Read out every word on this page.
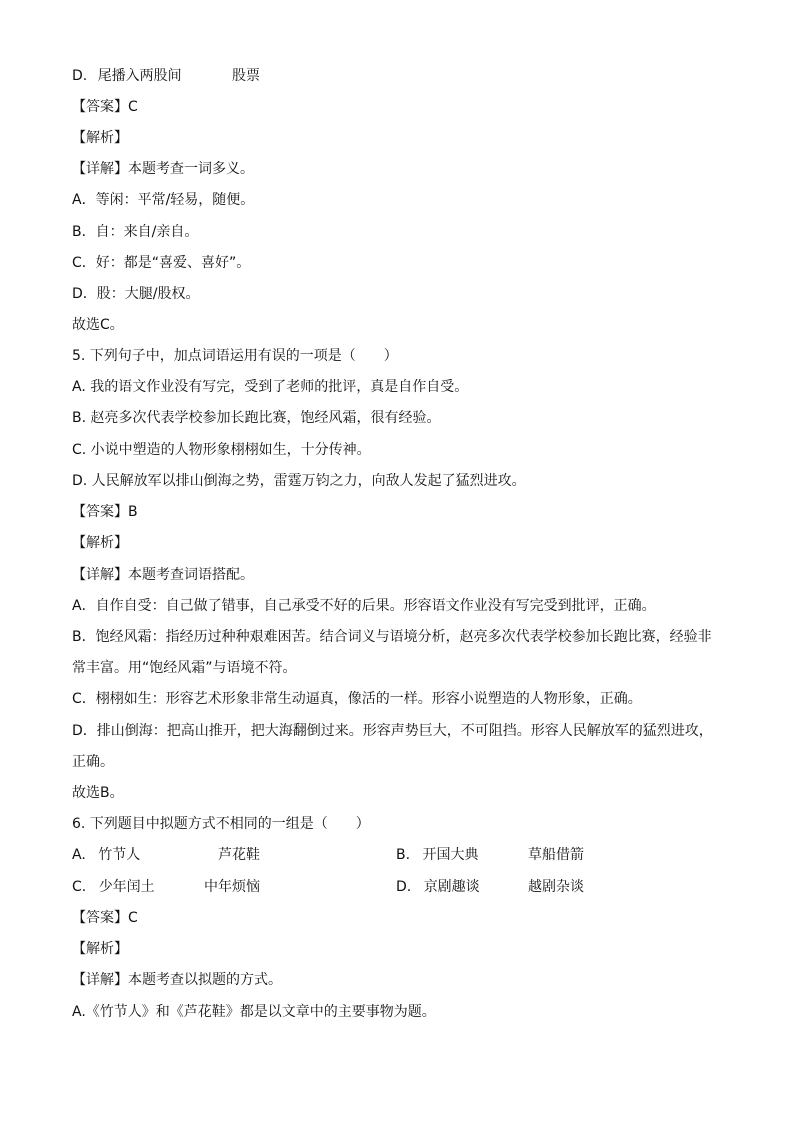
D. 尾播入两股间	股票
【答案】C
【解析】
【详解】本题考查一词多义。
A．等闲：平常/轻易，随便。
B．自：来自/亲自。
C．好：都是“喜爱、喜好”。
D．股：大腿/股权。
故选C。
5. 下列句子中，加点词语运用有误的一项是（　　）
A. 我的语文作业没有写完，受到了老师的批评，真是自作自受。
B. 赵亮多次代表学校参加长跑比赛，饱经风霜，很有经验。
C. 小说中塑造的人物形象栩栩如生，十分传神。
D. 人民解放军以排山倒海之势，雷霆万钧之力，向敌人发起了猛烈进攻。
【答案】B
【解析】
【详解】本题考查词语搭配。
A．自作自受：自己做了错事，自己承受不好的后果。形容语文作业没有写完受到批评，正确。
B．饱经风霜：指经历过种种艰难困苦。结合词义与语境分析，赵亮多次代表学校参加长跑比赛，经验非
常丰富。用“饱经风霜”与语境不符。
C．栩栩如生：形容艺术形象非常生动逼真，像活的一样。形容小说塑造的人物形象，正确。
D．排山倒海：把高山推开，把大海翻倒过来。形容声势巨大，不可阻挡。形容人民解放军的猛烈进攻，
正确。
故选B。
6. 下列题目中拟题方式不相同的一组是（　　）
A. 竹节人	芦花鞋	B. 开国大典	草船借箭
C. 少年闰土	中年烦恼	D. 京剧趣谈	越剧杂谈
【答案】C
【解析】
【详解】本题考查以拟题的方式。
A.《竹节人》和《芦花鞋》都是以文章中的主要事物为题。
